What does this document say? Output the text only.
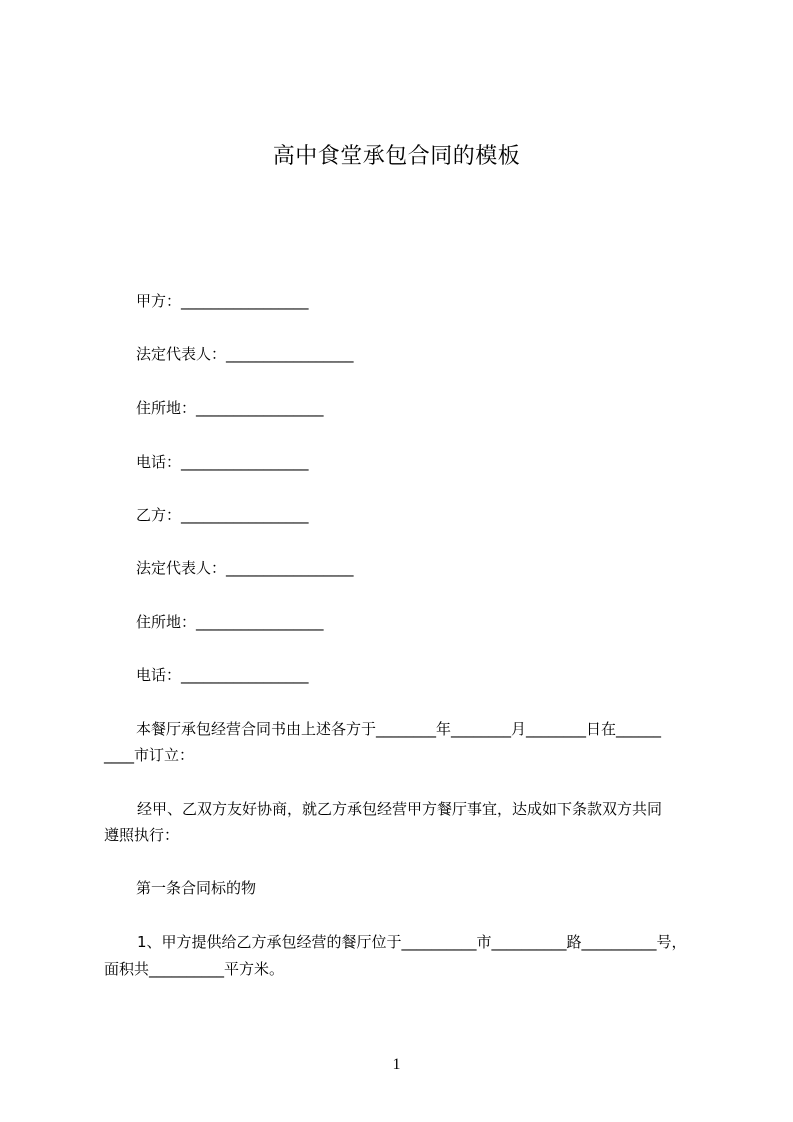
高中食堂承包合同的模板
甲方：_________________
法定代表人：_________________
住所地：_________________
电话：_________________
乙方：_________________
法定代表人：_________________
住所地：_________________
电话：_________________
本餐厅承包经营合同书由上述各方于________年________月________日在______
____市订立：
经甲、乙双方友好协商，就乙方承包经营甲方餐厅事宜，达成如下条款双方共同
遵照执行：
第一条合同标的物
1、甲方提供给乙方承包经营的餐厅位于__________市__________路__________号，
面积共__________平方米。
1
